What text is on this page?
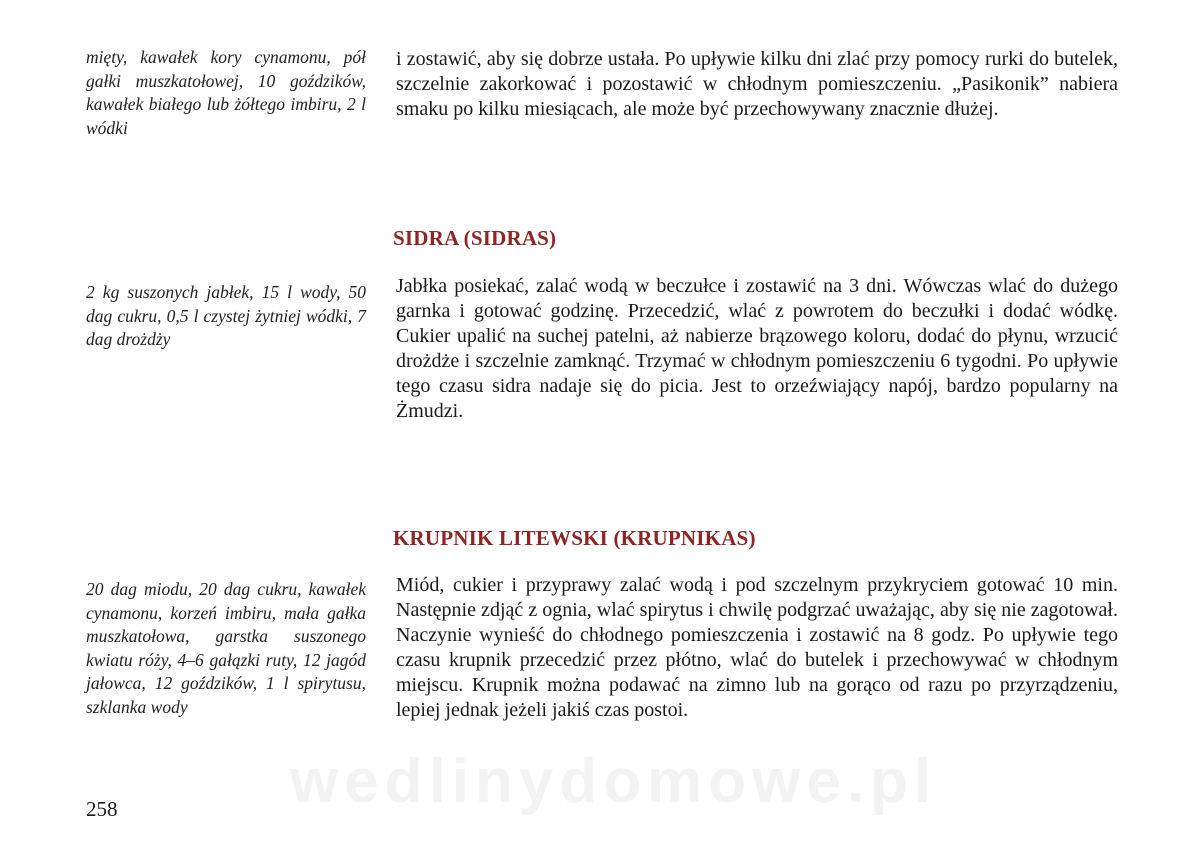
mięty, kawałek kory cynamonu, pół gałki muszkatołowej, 10 goździków, kawałek białego lub żółtego imbiru, 2 l wódki
i zostawić, aby się dobrze ustała. Po upływie kilku dni zlać przy pomocy rurki do butelek, szczelnie zakorkować i pozostawić w chłodnym pomieszczeniu. „Pasikonik” nabiera smaku po kilku miesiącach, ale może być przechowywany znacznie dłużej.
SIDRA (SIDRAS)
2 kg suszonych jabłek, 15 l wody, 50 dag cukru, 0,5 l czystej żytniej wódki, 7 dag drożdży
Jabłka posiekać, zalać wodą w beczułce i zostawić na 3 dni. Wówczas wlać do dużego garnka i gotować godzinę. Przecedzić, wlać z powrotem do beczułki i dodać wódkę. Cukier upalić na suchej patelni, aż nabierze brązowego koloru, dodać do płynu, wrzucić drożdże i szczelnie zamknąć. Trzymać w chłodnym pomieszczeniu 6 tygodni. Po upływie tego czasu sidra nadaje się do picia. Jest to orzeźwiający napój, bardzo popularny na Żmudzi.
KRUPNIK LITEWSKI (KRUPNIKAS)
20 dag miodu, 20 dag cukru, kawałek cynamonu, korzeń imbiru, mała gałka muszkatołowa, garstka suszonego kwiatu róży, 4–6 gałązki ruty, 12 jagód jałowca, 12 goździków, 1 l spirytusu, szklanka wody
Miód, cukier i przyprawy zalać wodą i pod szczelnym przykryciem gotować 10 min. Następnie zdjąć z ognia, wlać spirytus i chwilę podgrzać uważając, aby się nie zagotował. Naczynie wynieść do chłodnego pomieszczenia i zostawić na 8 godz. Po upływie tego czasu krupnik przecedzić przez płótno, wlać do butelek i przechowywać w chłodnym miejscu. Krupnik można podawać na zimno lub na gorąco od razu po przyrządzeniu, lepiej jednak jeżeli jakiś czas postoi.
wedlinydomowe.pl
258
